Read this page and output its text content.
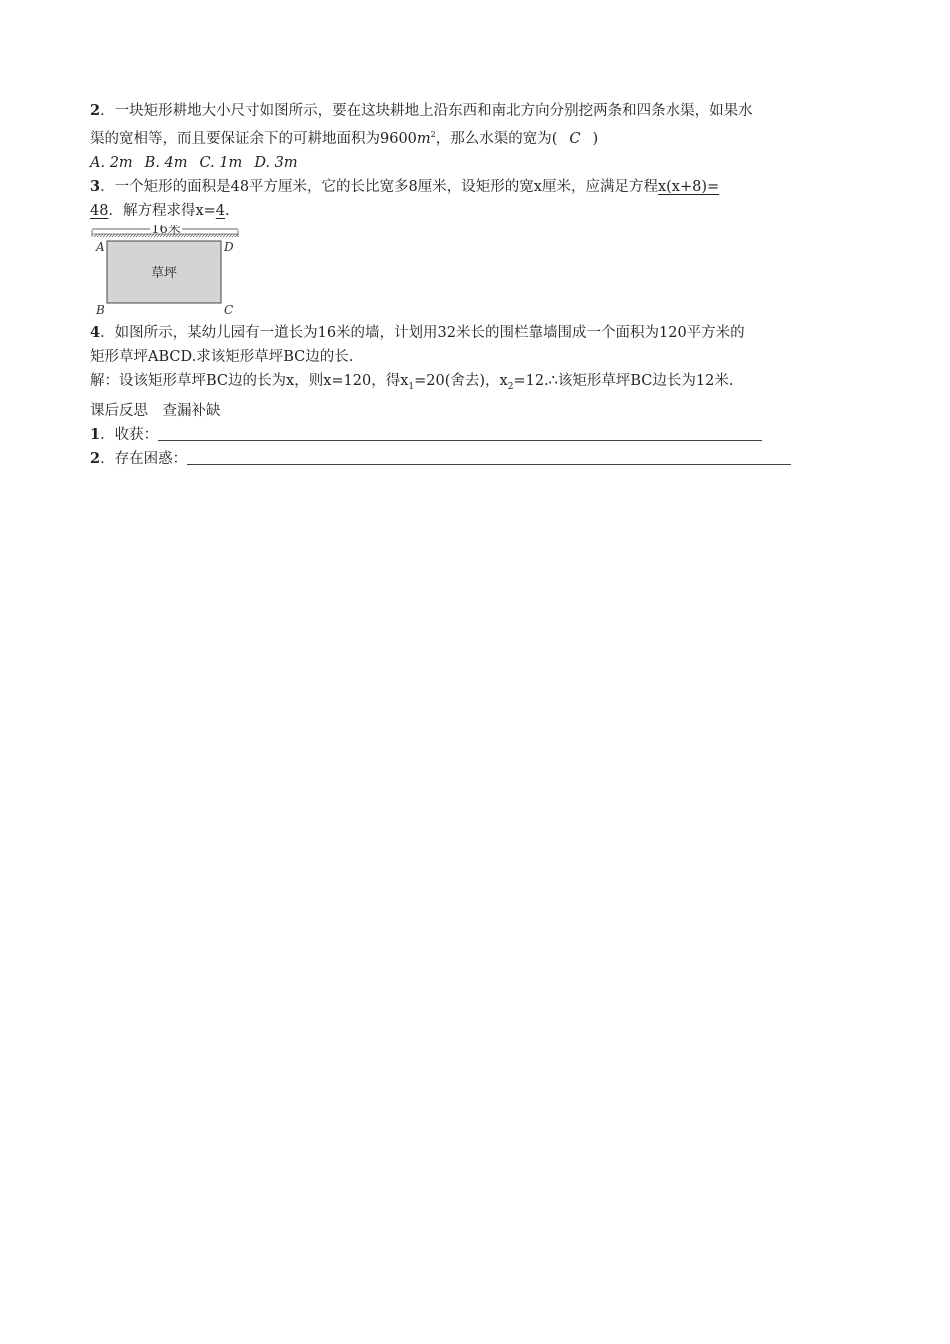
2．一块矩形耕地大小尺寸如图所示，要在这块耕地上沿东西和南北方向分别挖两条和四条水渠，如果水
渠的宽相等，而且要保证余下的可耕地面积为$9600m^2$，那么水渠的宽为( C )
A. 2m B. 4m C. 1m D. 3m
3．一个矩形的面积是48平方厘米，它的长比宽多8厘米，设矩形的宽x厘米，应满足方程x(x+8)=
48．解方程求得x=4.
16米
草坪
A	D
B	C
4．如图所示，某幼儿园有一道长为16米的墙，计划用32米长的围栏靠墙围成一个面积为120平方米的
矩形草坪ABCD.求该矩形草坪BC边的长.
解：设该矩形草坪BC边的长为x，则x=120，得$x_1=20$(舍去)，$x_2=12.\therefore$该矩形草坪BC边长为12米.
课后反思　查漏补缺
1．收获：
2．存在困惑：
